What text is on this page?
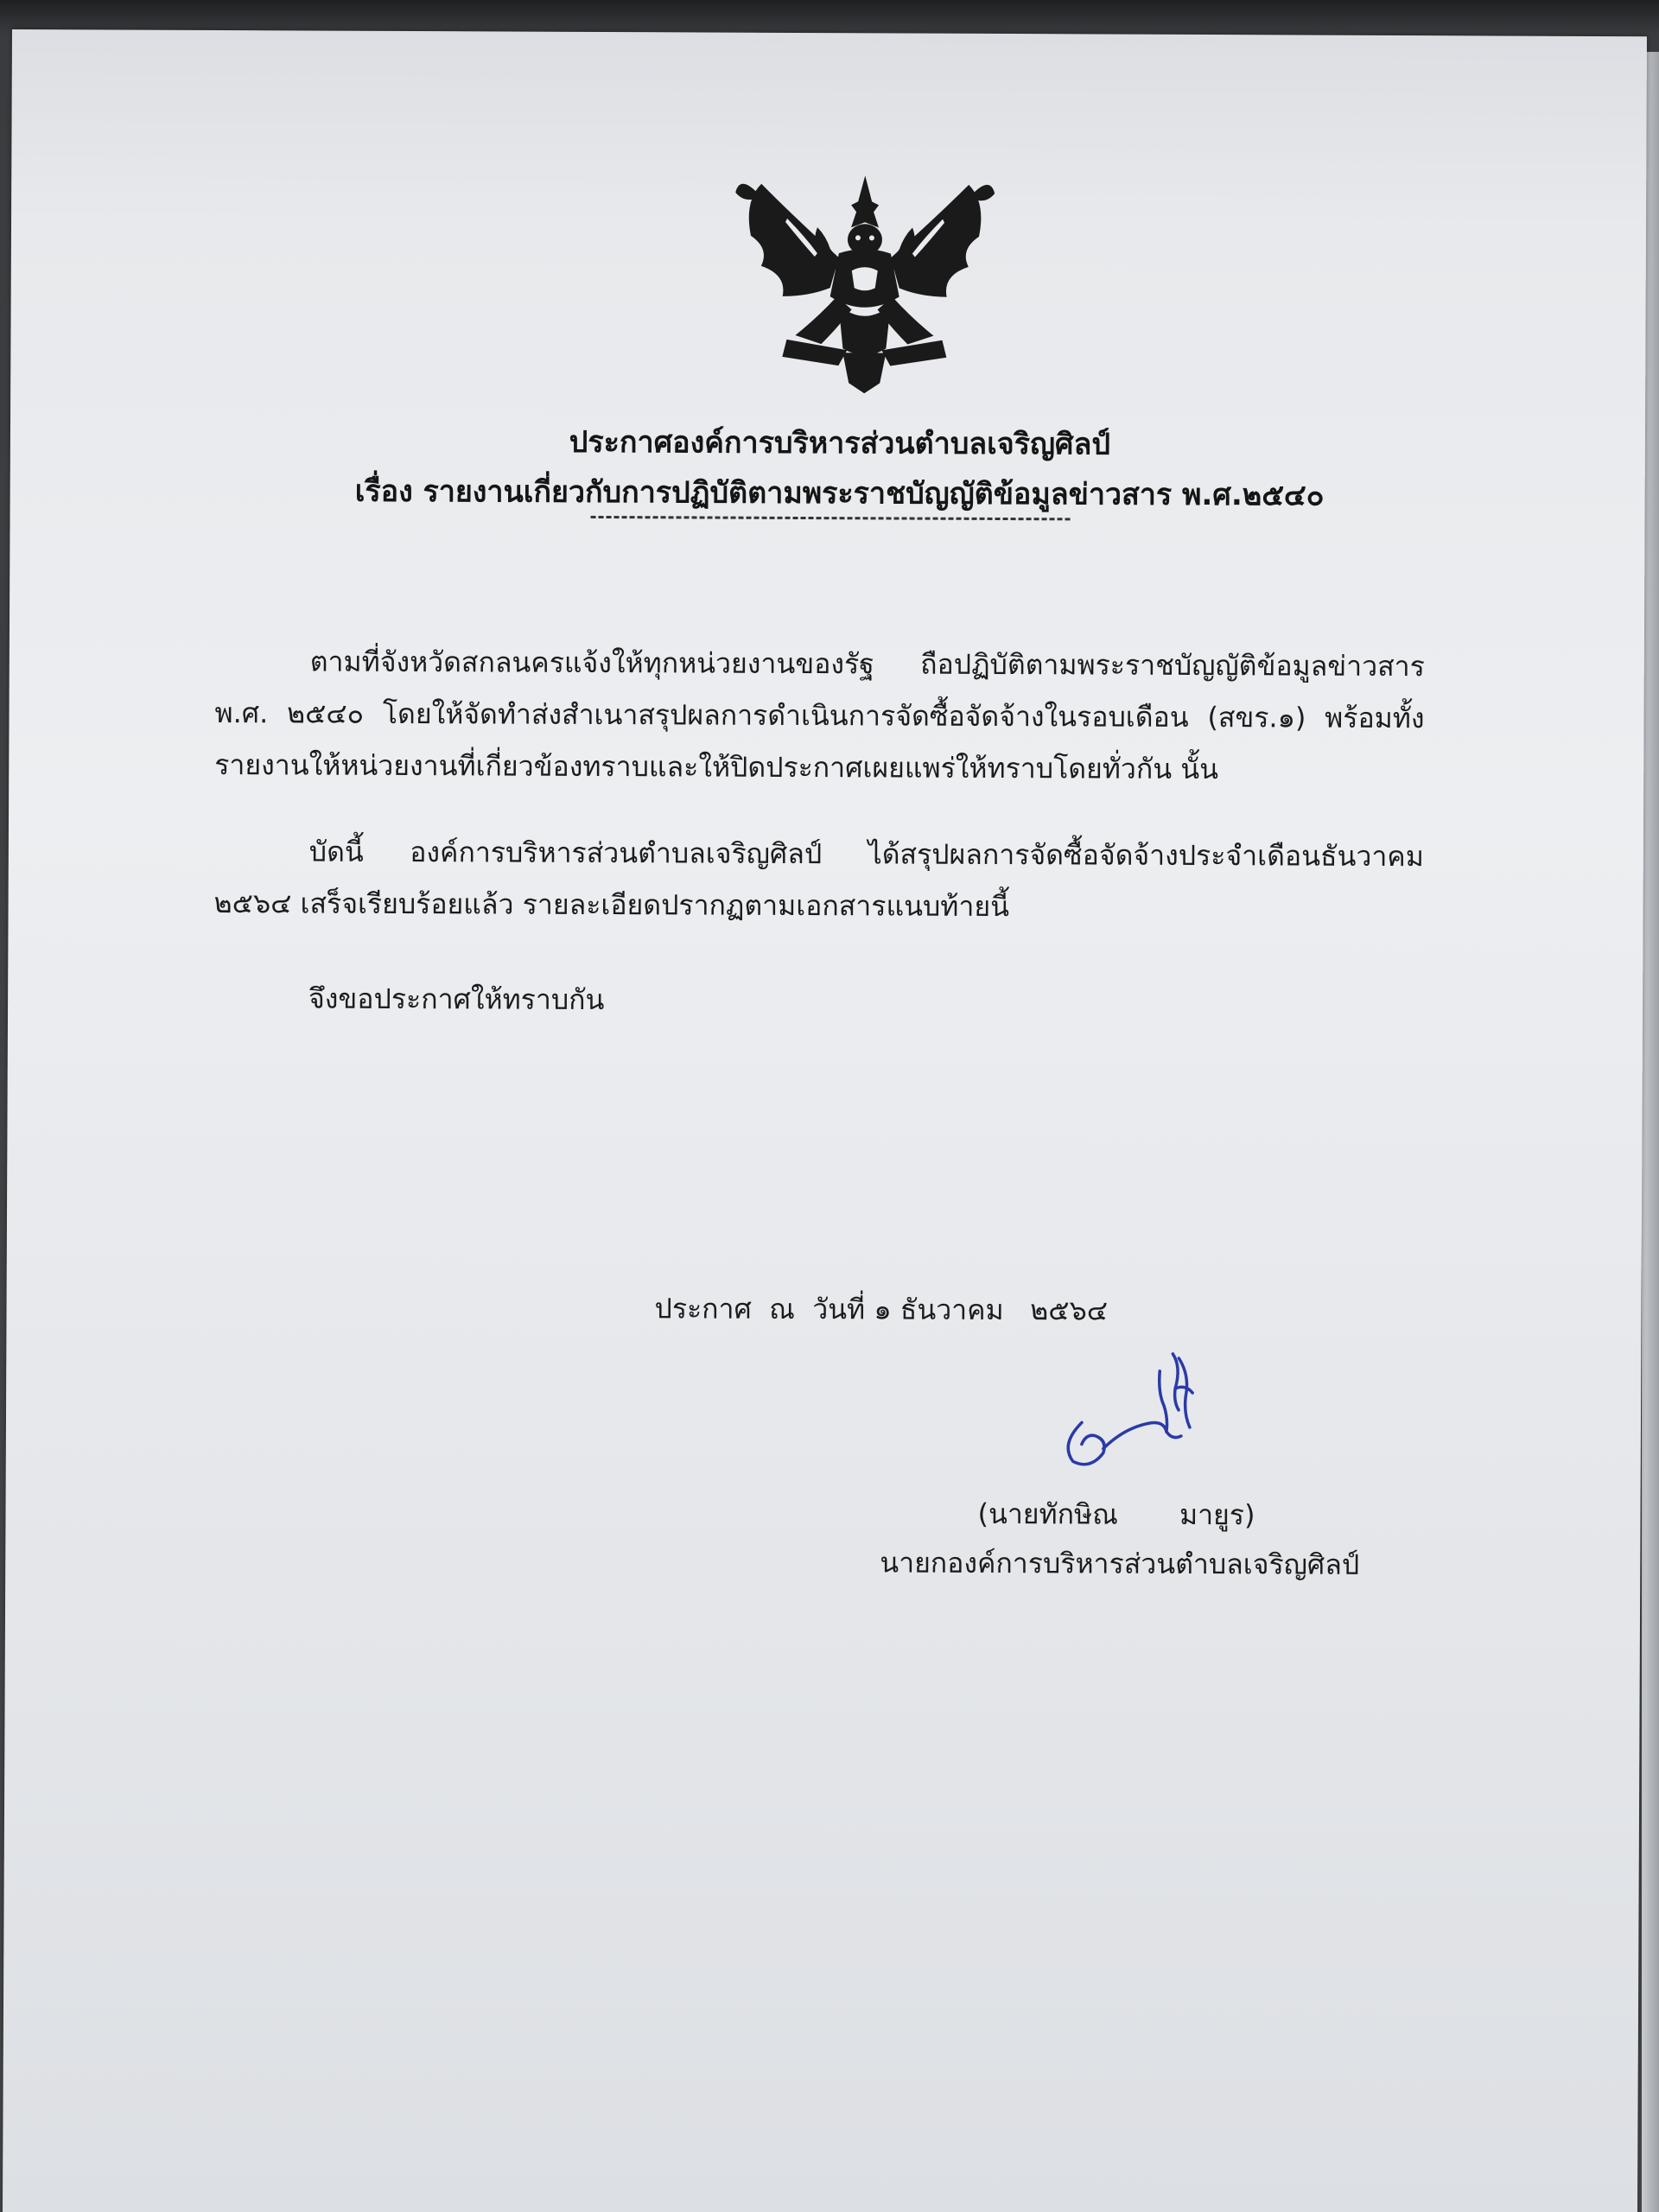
ประกาศองค์การบริหารส่วนตำบลเจริญศิลป์
เรื่อง รายงานเกี่ยวกับการปฏิบัติตามพระราชบัญญัติข้อมูลข่าวสาร พ.ศ.๒๕๔๐
ตามที่จังหวัดสกลนครแจ้งให้ทุกหน่วยงานของรัฐ ถือปฏิบัติตามพระราชบัญญัติข้อมูลข่าวสาร พ.ศ. ๒๕๔๐ โดยให้จัดทำส่งสำเนาสรุปผลการดำเนินการจัดซื้อจัดจ้างในรอบเดือน (สขร.๑) พร้อมทั้งรายงานให้หน่วยงานที่เกี่ยวข้องทราบและให้ปิดประกาศเผยแพร่ให้ทราบโดยทั่วกัน นั้น
บัดนี้ องค์การบริหารส่วนตำบลเจริญศิลป์ ได้สรุปผลการจัดซื้อจัดจ้างประจำเดือนธันวาคม ๒๕๖๔ เสร็จเรียบร้อยแล้ว รายละเอียดปรากฏตามเอกสารแนบท้ายนี้
จึงขอประกาศให้ทราบกัน
ประกาศ  ณ  วันที่ ๑ ธันวาคม   ๒๕๖๔
(นายทักษิณ       มายูร)
นายกองค์การบริหารส่วนตำบลเจริญศิลป์
